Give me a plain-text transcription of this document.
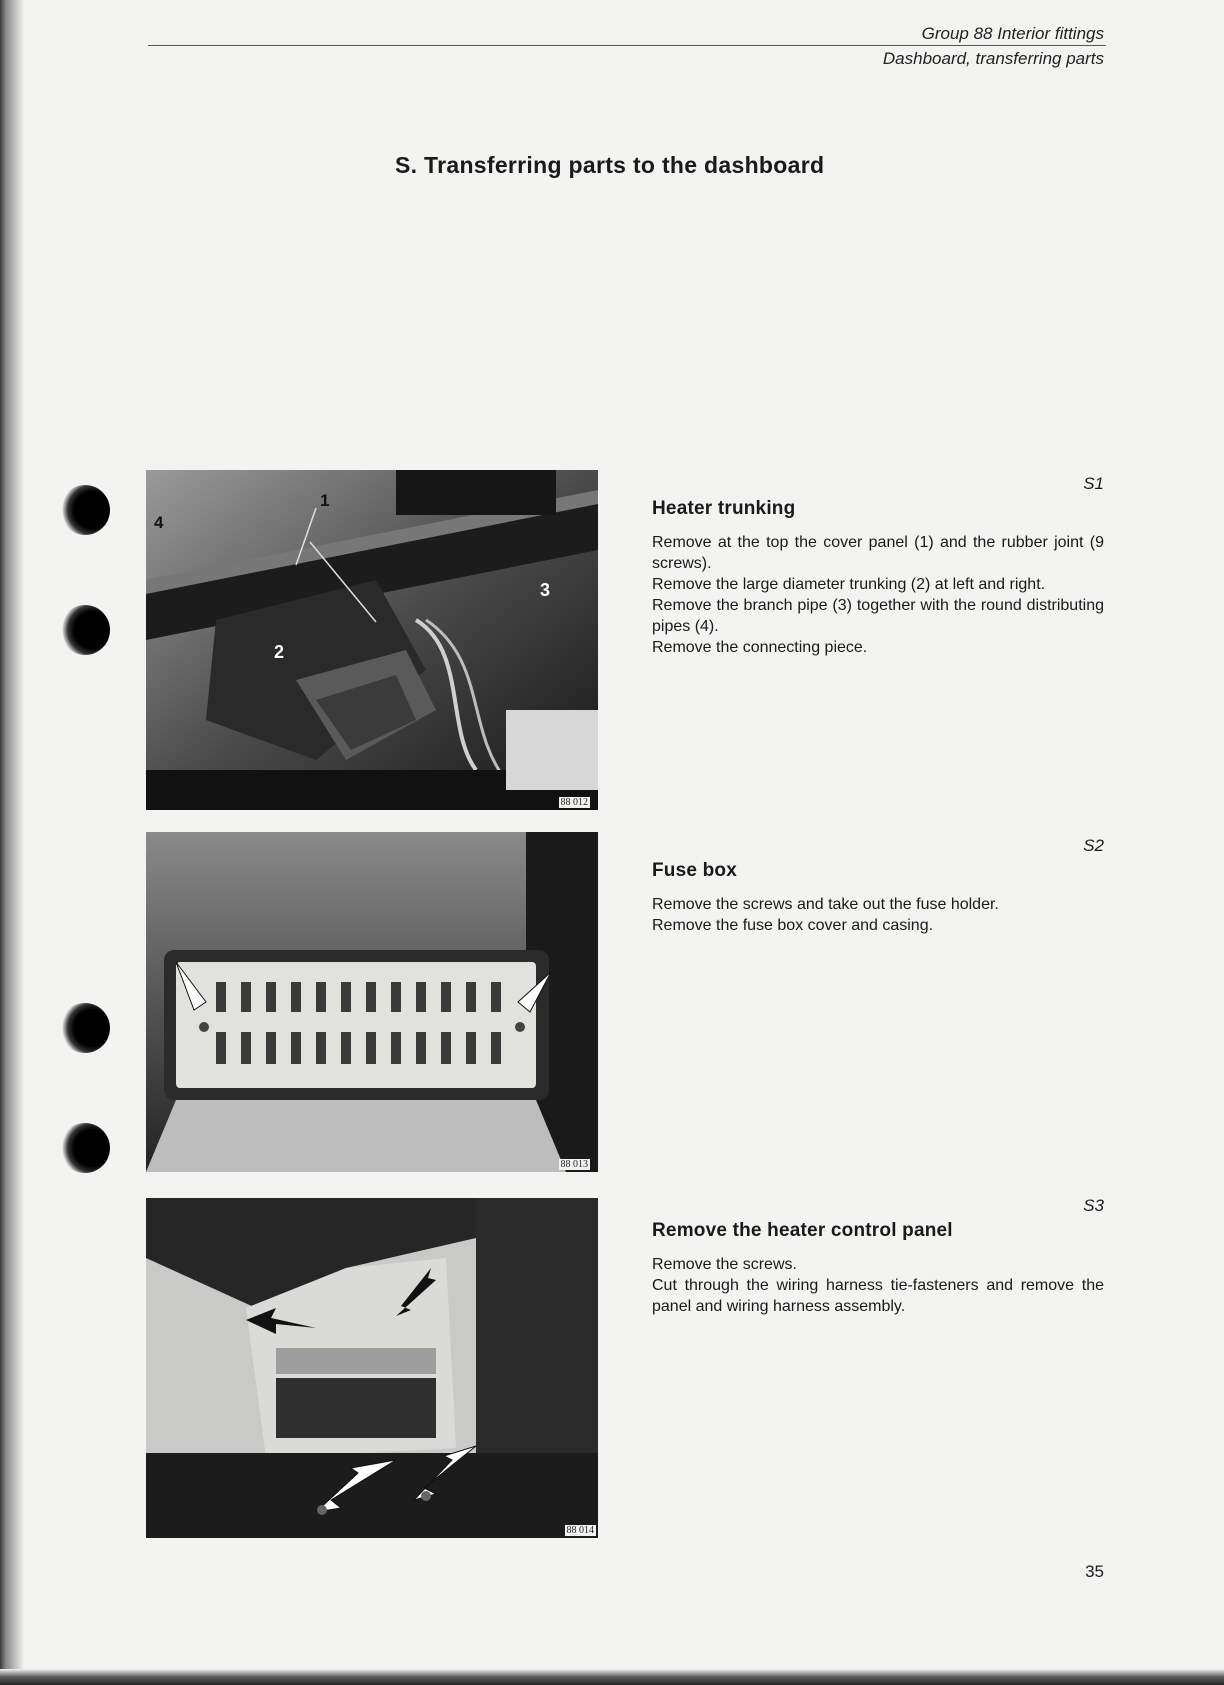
Group 88 Interior fittings
Dashboard, transferring parts
S. Transferring parts to the dashboard
4
1
2
3
88 012
88 013
88 014
S1
Heater trunking
Remove at the top the cover panel (1) and the rubber joint (9 screws).
Remove the large diameter trunking (2) at left and right.
Remove the branch pipe (3) together with the round distributing pipes (4).
Remove the connecting piece.
S2
Fuse box
Remove the screws and take out the fuse holder.
Remove the fuse box cover and casing.
S3
Remove the heater control panel
Remove the screws.
Cut through the wiring harness tie-fasteners and remove the panel and wiring harness assembly.
35
